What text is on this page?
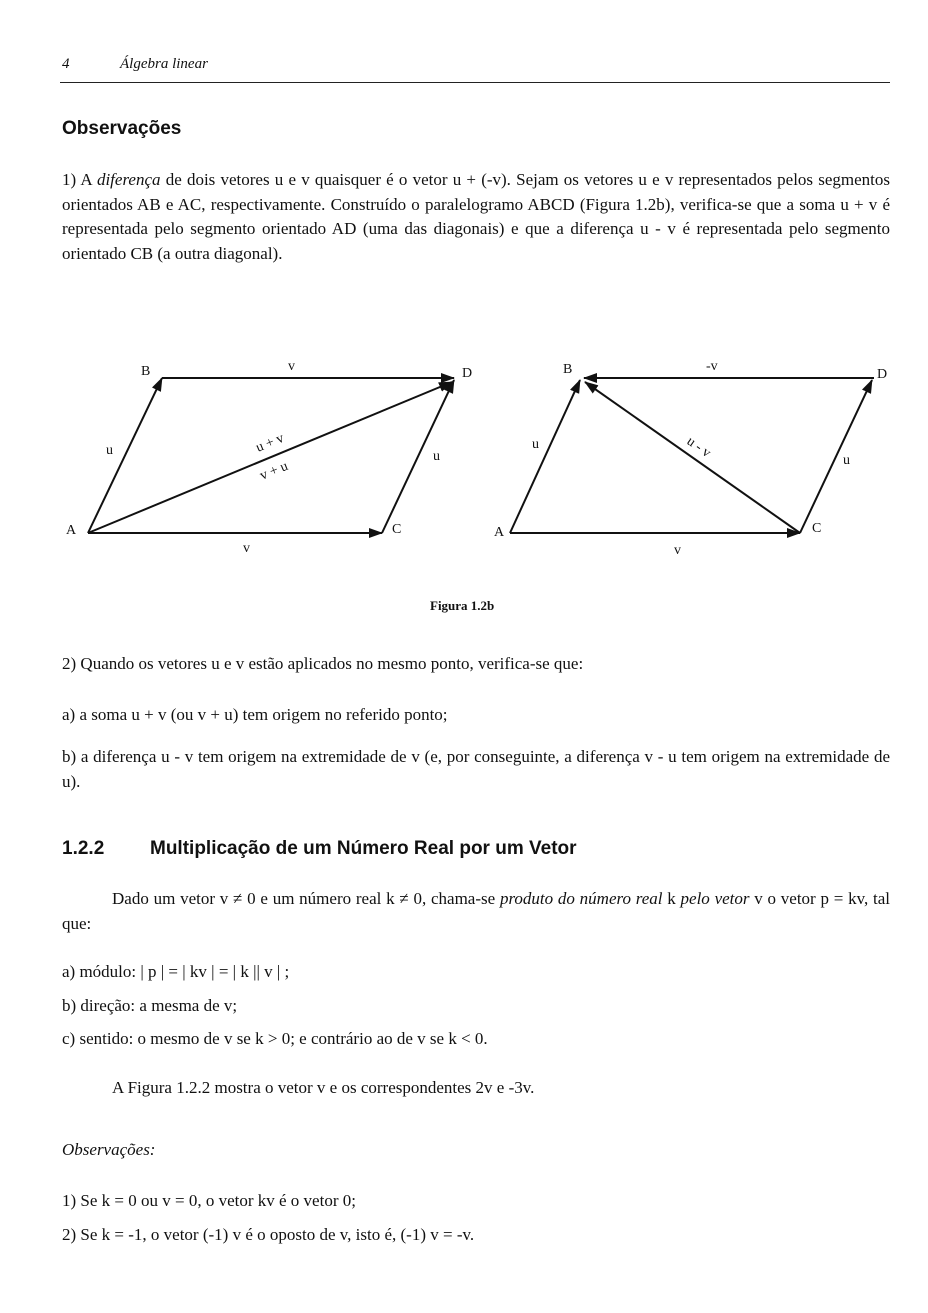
4	Álgebra linear
Observações
1) A diferença de dois vetores u e v quaisquer é o vetor u + (-v). Sejam os vetores u e v representados pelos segmentos orientados AB e AC, respectivamente. Construído o paralelogramo ABCD (Figura 1.2b), verifica-se que a soma u + v é representada pelo segmento orientado AD (uma das diagonais) e que a diferença u - v é representada pelo segmento orientado CB (a outra diagonal).
A
B
C
D
v
v
u	u
u + v
v + u
A
B
C
D
-v
v
u
u
u - v
Figura 1.2b
2) Quando os vetores u e v estão aplicados no mesmo ponto, verifica-se que:
a) a soma u + v (ou v + u) tem origem no referido ponto;
b) a diferença u - v tem origem na extremidade de v (e, por conseguinte, a diferença v - u tem origem na extremidade de u).
1.2.2 Multiplicação de um Número Real por um Vetor
Dado um vetor v ≠ 0 e um número real k ≠ 0, chama-se produto do número real k pelo vetor v o vetor p = kv, tal que:
a) módulo: | p | = | kv | = | k || v | ;
b) direção: a mesma de v;
c) sentido: o mesmo de v se k > 0; e contrário ao de v se k < 0.
A Figura 1.2.2 mostra o vetor v e os correspondentes 2v e -3v.
Observações:
1) Se k = 0 ou v = 0, o vetor kv é o vetor 0;
2) Se k = -1, o vetor (-1) v é o oposto de v, isto é, (-1) v = -v.
